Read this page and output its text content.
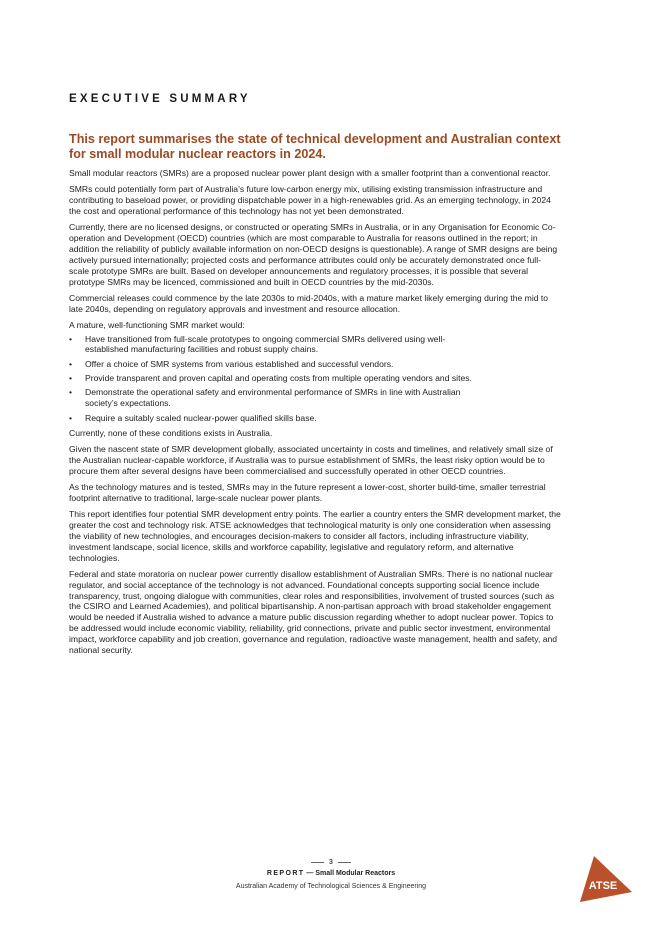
EXECUTIVE SUMMARY
This report summarises the state of technical development and Australian context for small modular nuclear reactors in 2024.

Small modular reactors (SMRs) are a proposed nuclear power plant design with a smaller footprint than a conventional reactor.

SMRs could potentially form part of Australia’s future low-carbon energy mix, utilising existing transmission infrastructure and contributing to baseload power, or providing dispatchable power in a high-renewables grid. As an emerging technology, in 2024 the cost and operational performance of this technology has not yet been demonstrated.

Currently, there are no licensed designs, or constructed or operating SMRs in Australia, or in any Organisation for Economic Co-operation and Development (OECD) countries (which are most comparable to Australia for reasons outlined in the report; in addition the reliability of publicly available information on non-OECD designs is questionable). A range of SMR designs are being actively pursued internationally; projected costs and performance attributes could only be accurately demonstrated once full-scale prototype SMRs are built. Based on developer announcements and regulatory processes, it is possible that several prototype SMRs may be licenced, commissioned and built in OECD countries by the mid-2030s.

Commercial releases could commence by the late 2030s to mid-2040s, with a mature market likely emerging during the mid to late 2040s, depending on regulatory approvals and investment and resource allocation.

A mature, well-functioning SMR market would:

• Have transitioned from full-scale prototypes to ongoing commercial SMRs delivered using well-established manufacturing facilities and robust supply chains.
• Offer a choice of SMR systems from various established and successful vendors.
• Provide transparent and proven capital and operating costs from multiple operating vendors and sites.
• Demonstrate the operational safety and environmental performance of SMRs in line with Australian society’s expectations.
• Require a suitably scaled nuclear-power qualified skills base.

Currently, none of these conditions exists in Australia.

Given the nascent state of SMR development globally, associated uncertainty in costs and timelines, and relatively small size of the Australian nuclear-capable workforce, if Australia was to pursue establishment of SMRs, the least risky option would be to procure them after several designs have been commercialised and successfully operated in other OECD countries.

As the technology matures and is tested, SMRs may in the future represent a lower-cost, shorter build-time, smaller terrestrial footprint alternative to traditional, large-scale nuclear power plants.

This report identifies four potential SMR development entry points. The earlier a country enters the SMR development market, the greater the cost and technology risk. ATSE acknowledges that technological maturity is only one consideration when assessing the viability of new technologies, and encourages decision-makers to consider all factors, including infrastructure viability, investment landscape, social licence, skills and workforce capability, legislative and regulatory reform, and alternative technologies.

Federal and state moratoria on nuclear power currently disallow establishment of Australian SMRs. There is no national nuclear regulator, and social acceptance of the technology is not advanced. Foundational concepts supporting social licence include transparency, trust, ongoing dialogue with communities, clear roles and responsibilities, involvement of trusted sources (such as the CSIRO and Learned Academies), and political bipartisanship. A non-partisan approach with broad stakeholder engagement would be needed if Australia wished to advance a mature public discussion regarding whether to adopt nuclear power. Topics to be addressed would include economic viability, reliability, grid connections, private and public sector investment, environmental impact, workforce capability and job creation, governance and regulation, radioactive waste management, health and safety, and national security.

3
REPORT — Small Modular Reactors
Australian Academy of Technological Sciences & Engineering	ATSE
